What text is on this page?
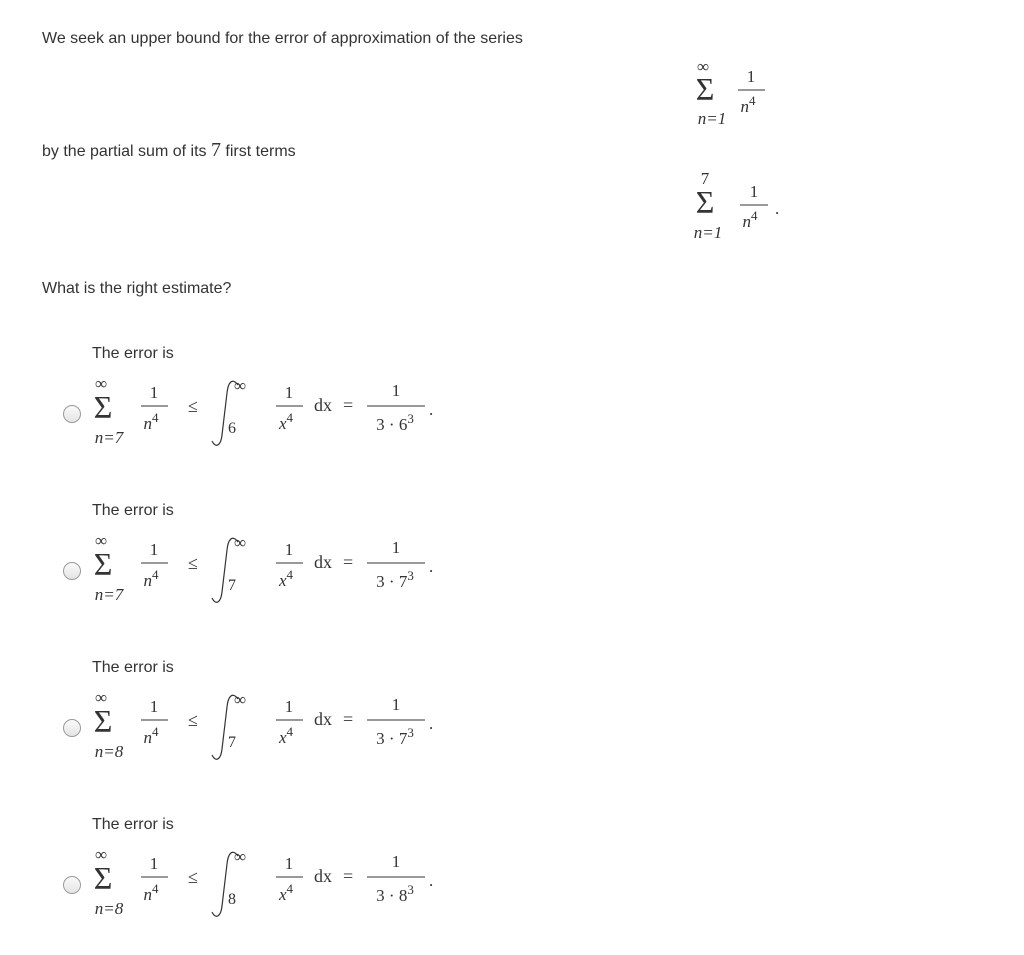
We seek an upper bound for the error of approximation of the series
∞
Σ
n=1
1
$n^4$
by the partial sum of its 7 first terms
7
Σ
n=1
1
$n^4$ .
What is the right estimate?
The error is
∞
Σ
n=7
1
$n^4$
≤
∞
6
1
$x^4$
dx =
1
$3 \cdot 6^3$ .
The error is
∞
Σ
n=7
1
$n^4$
≤
∞
7
1
$x^4$
dx =
1
$3 \cdot 7^3$ .
The error is
∞
Σ
n=8
1
$n^4$
≤
∞
7
1
$x^4$
dx =
1
$3 \cdot 7^3$ .
The error is
∞
Σ
n=8
1
$n^4$
≤
∞
8
1
$x^4$
dx =
1
$3 \cdot 8^3$ .
